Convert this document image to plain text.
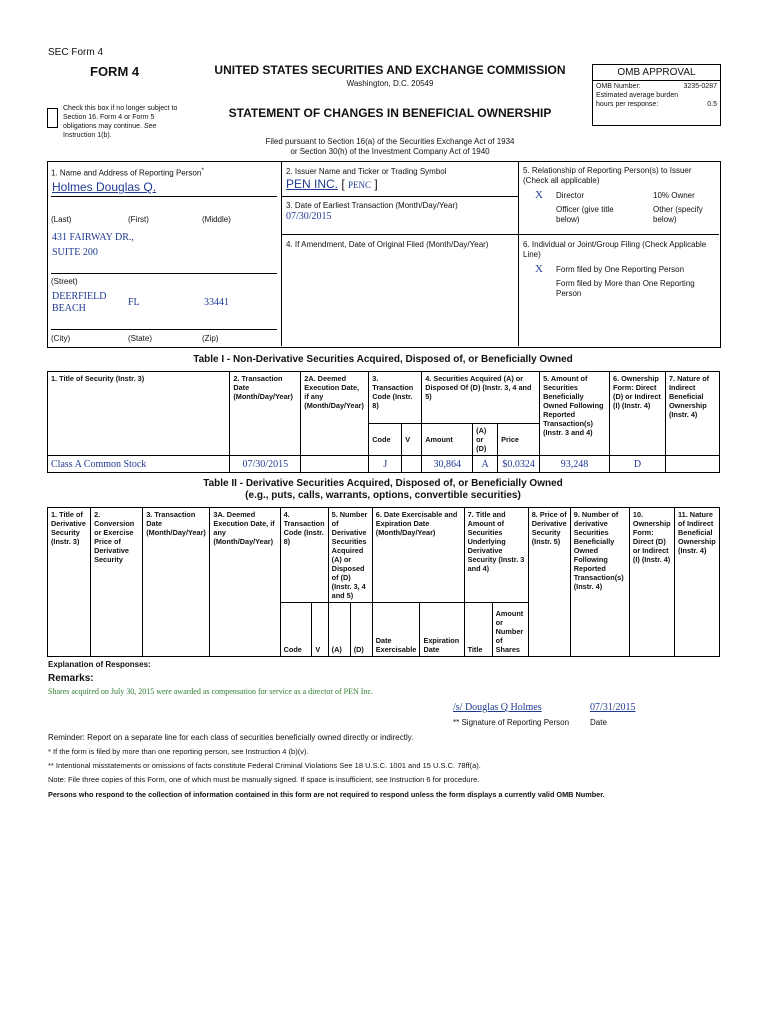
SEC Form 4
FORM 4	UNITED STATES SECURITIES AND EXCHANGE COMMISSION
Washington, D.C. 20549
Check this box if no longer subject to Section 16. Form 4 or Form 5 obligations may continue. See Instruction 1(b).
STATEMENT OF CHANGES IN BENEFICIAL OWNERSHIP
Filed pursuant to Section 16(a) of the Securities Exchange Act of 1934
or Section 30(h) of the Investment Company Act of 1940
OMB APPROVAL
OMB Number:	3235-0287
Estimated average burden
hours per response:	0.5
1. Name and Address of Reporting Person*
Holmes Douglas Q.
(Last)	(First)	(Middle)
431 FAIRWAY DR.,
SUITE 200
(Street)
DEERFIELD
BEACH
FL	33441
(City)	(State)	(Zip)
2. Issuer Name and Ticker or Trading Symbol
PEN INC. [ PENC ]
3. Date of Earliest Transaction (Month/Day/Year)
07/30/2015
4. If Amendment, Date of Original Filed (Month/Day/Year)
5. Relationship of Reporting Person(s) to Issuer
(Check all applicable)
X Director	10% Owner
Officer (give title below)
Other (specify below)
6. Individual or Joint/Group Filing (Check Applicable Line)
X Form filed by One Reporting Person
Form filed by More than One Reporting Person
Table I - Non-Derivative Securities Acquired, Disposed of, or Beneficially Owned
1. Title of Security (Instr. 3)	2. Transaction Date (Month/Day/Year)	2A. Deemed Execution Date, if any (Month/Day/Year)	3. Transaction Code (Instr. 8)		4. Securities Acquired (A) or Disposed Of (D) (Instr. 3, 4 and 5)			5. Amount of Securities Beneficially Owned Following Reported Transaction(s) (Instr. 3 and 4)	6. Ownership Form: Direct (D) or Indirect (I) (Instr. 4)	7. Nature of Indirect Beneficial Ownership (Instr. 4)
			Code	V	Amount	(A) or (D)	Price			
Class A Common Stock	07/30/2015		J		30,864	A	$0.0324	93,248	D	
Table II - Derivative Securities Acquired, Disposed of, or Beneficially Owned
(e.g., puts, calls, warrants, options, convertible securities)
1. Title of Derivative Security (Instr. 3)	2. Conversion or Exercise Price of Derivative Security	3. Transaction Date (Month/Day/Year)	3A. Deemed Execution Date, if any (Month/Day/Year)	4. Transaction Code (Instr. 8)		5. Number of Derivative Securities Acquired (A) or Disposed of (D) (Instr. 3, 4 and 5)		6. Date Exercisable and Expiration Date (Month/Day/Year)		7. Title and Amount of Securities Underlying Derivative Security (Instr. 3 and 4)		8. Price of Derivative Security (Instr. 5)	9. Number of derivative Securities Beneficially Owned Following Reported Transaction(s) (Instr. 4)	10. Ownership Form: Direct (D) or Indirect (I) (Instr. 4)	11. Nature of Indirect Beneficial Ownership (Instr. 4)
				Code	V	(A)	(D)	Date Exercisable	Expiration Date	Title	Amount or Number of Shares				
Explanation of Responses:
Remarks:
Shares acquired on July 30, 2015 were awarded as compensation for service as a director of PEN Inc.
/s/ Douglas Q Holmes	07/31/2015
** Signature of Reporting Person	Date
Reminder: Report on a separate line for each class of securities beneficially owned directly or indirectly.
* If the form is filed by more than one reporting person, see Instruction 4 (b)(v).
** Intentional misstatements or omissions of facts constitute Federal Criminal Violations See 18 U.S.C. 1001 and 15 U.S.C. 78ff(a).
Note: File three copies of this Form, one of which must be manually signed. If space is insufficient, see Instruction 6 for procedure.
Persons who respond to the collection of information contained in this form are not required to respond unless the form displays a currently valid OMB Number.
